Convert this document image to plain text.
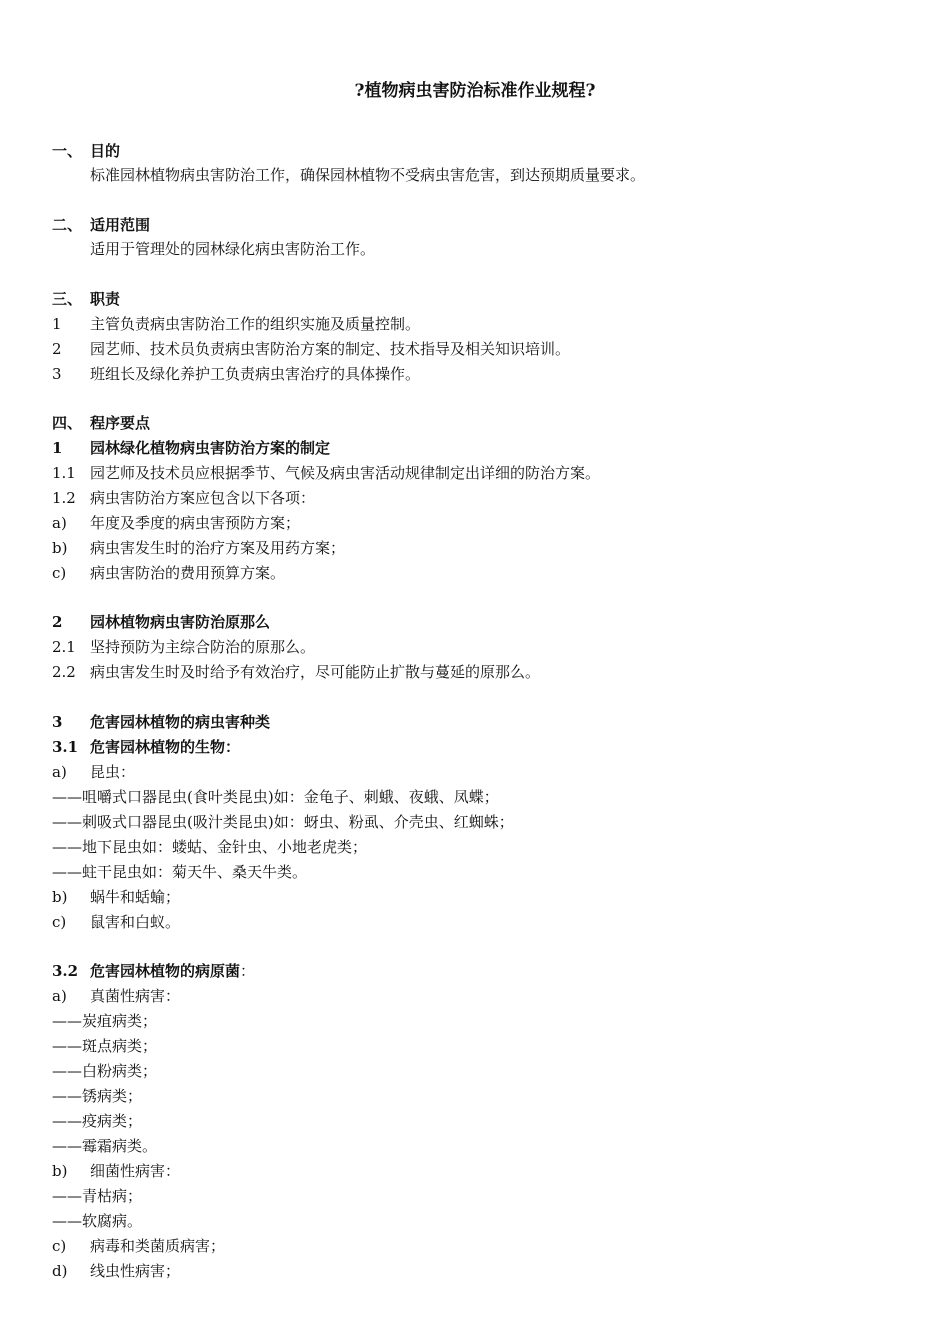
?植物病虫害防治标准作业规程?
一、 目的
标准园林植物病虫害防治工作，确保园林植物不受病虫害危害，到达预期质量要求。
二、 适用范围
适用于管理处的园林绿化病虫害防治工作。
三、 职责
1 主管负责病虫害防治工作的组织实施及质量控制。
2 园艺师、技术员负责病虫害防治方案的制定、技术指导及相关知识培训。
3 班组长及绿化养护工负责病虫害治疗的具体操作。
四、 程序要点
1 园林绿化植物病虫害防治方案的制定
1.1 园艺师及技术员应根据季节、气候及病虫害活动规律制定出详细的防治方案。
1.2 病虫害防治方案应包含以下各项：
a) 年度及季度的病虫害预防方案；
b) 病虫害发生时的治疗方案及用药方案；
c) 病虫害防治的费用预算方案。
2 园林植物病虫害防治原那么
2.1 坚持预防为主综合防治的原那么。
2.2 病虫害发生时及时给予有效治疗，尽可能防止扩散与蔓延的原那么。
3 危害园林植物的病虫害种类
3.1 危害园林植物的生物：
a) 昆虫：
——咀嚼式口器昆虫(食叶类昆虫)如：金龟子、刺蛾、夜蛾、凤蝶；
——刺吸式口器昆虫(吸汁类昆虫)如：蚜虫、粉虱、介壳虫、红蜘蛛；
——地下昆虫如：蝼蛄、金针虫、小地老虎类；
——蛀干昆虫如：菊天牛、桑天牛类。
b) 蜗牛和蛞蝓；
c) 鼠害和白蚁。
3.2 危害园林植物的病原菌：
a) 真菌性病害：
——炭疽病类；
——斑点病类；
——白粉病类；
——锈病类；
——疫病类；
——霉霜病类。
b) 细菌性病害：
——青枯病；
——软腐病。
c) 病毒和类菌质病害；
d) 线虫性病害；
